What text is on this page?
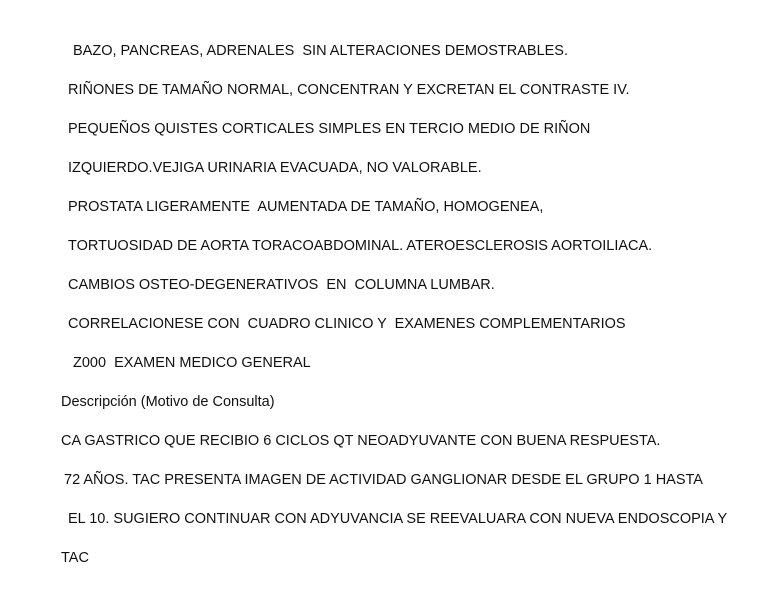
BAZO, PANCREAS, ADRENALES  SIN ALTERACIONES DEMOSTRABLES.
RIÑONES DE TAMAÑO NORMAL, CONCENTRAN Y EXCRETAN EL CONTRASTE IV.
PEQUEÑOS QUISTES CORTICALES SIMPLES EN TERCIO MEDIO DE RIÑON
IZQUIERDO.VEJIGA URINARIA EVACUADA, NO VALORABLE.
PROSTATA LIGERAMENTE  AUMENTADA DE TAMAÑO, HOMOGENEA,
TORTUOSIDAD DE AORTA TORACOABDOMINAL. ATEROESCLEROSIS AORTOILIACA.
CAMBIOS OSTEO-DEGENERATIVOS  EN  COLUMNA LUMBAR.
CORRELACIONESE CON  CUADRO CLINICO Y  EXAMENES COMPLEMENTARIOS
Z000  EXAMEN MEDICO GENERAL
Descripción (Motivo de Consulta)
CA GASTRICO QUE RECIBIO 6 CICLOS QT NEOADYUVANTE CON BUENA RESPUESTA.
72 AÑOS. TAC PRESENTA IMAGEN DE ACTIVIDAD GANGLIONAR DESDE EL GRUPO 1 HASTA
EL 10. SUGIERO CONTINUAR CON ADYUVANCIA SE REEVALUARA CON NUEVA ENDOSCOPIA Y
TAC
